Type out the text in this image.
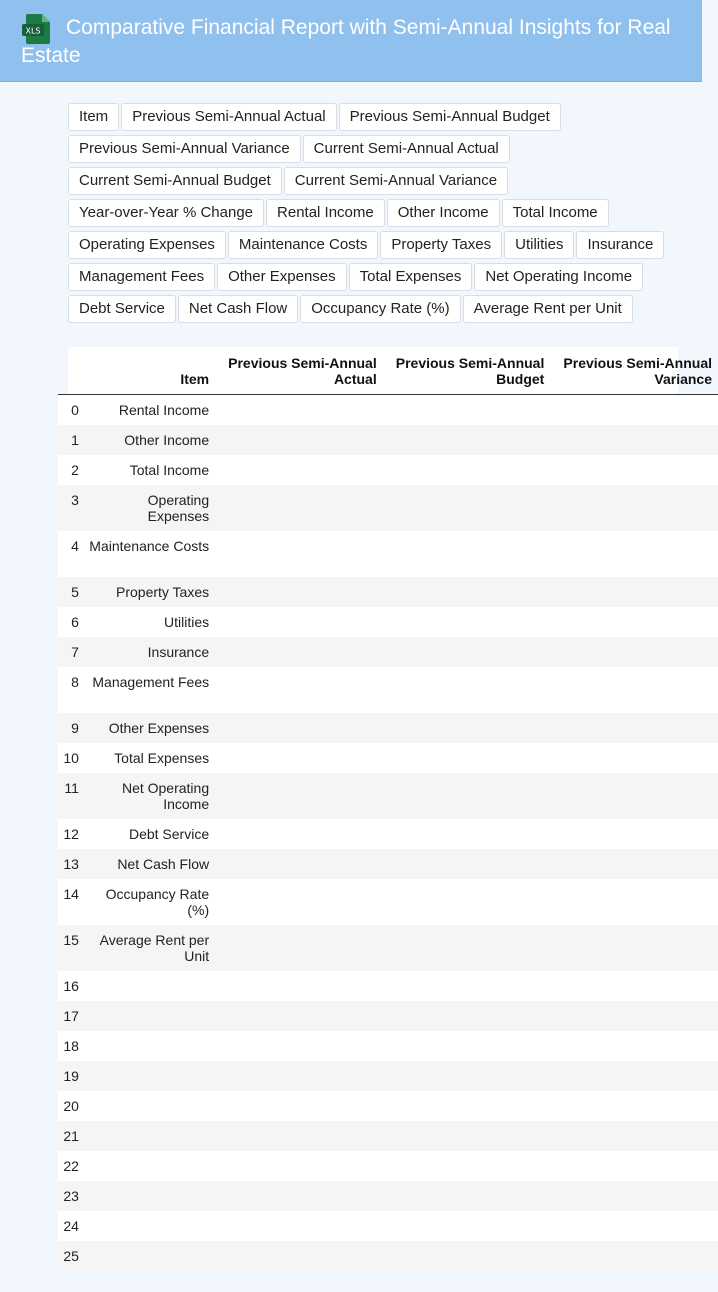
XLS	Comparative Financial Report with Semi-Annual Insights for Real Estate
Item	Previous Semi-Annual Actual	Previous Semi-Annual Budget
Previous Semi-Annual Variance	Current Semi-Annual Actual
Current Semi-Annual Budget	Current Semi-Annual Variance
Year-over-Year % Change	Rental Income	Other Income	Total Income
Operating Expenses	Maintenance Costs	Property Taxes	Utilities	Insurance
Management Fees	Other Expenses	Total Expenses	Net Operating Income
Debt Service	Net Cash Flow	Occupancy Rate (%)	Average Rent per Unit
	Item	Previous Semi-Annual Actual	Previous Semi-Annual Budget	Previous Semi-Annual Variance
0	Rental Income			
1	Other Income			
2	Total Income			
3	Operating Expenses			
4	Maintenance Costs			
5	Property Taxes			
6	Utilities			
7	Insurance			
8	Management Fees			
9	Other Expenses			
10	Total Expenses			
11	Net Operating Income			
12	Debt Service			
13	Net Cash Flow			
14	Occupancy Rate (%)			
15	Average Rent per Unit			
16				
17				
18				
19				
20				
21				
22				
23				
24				
25				
